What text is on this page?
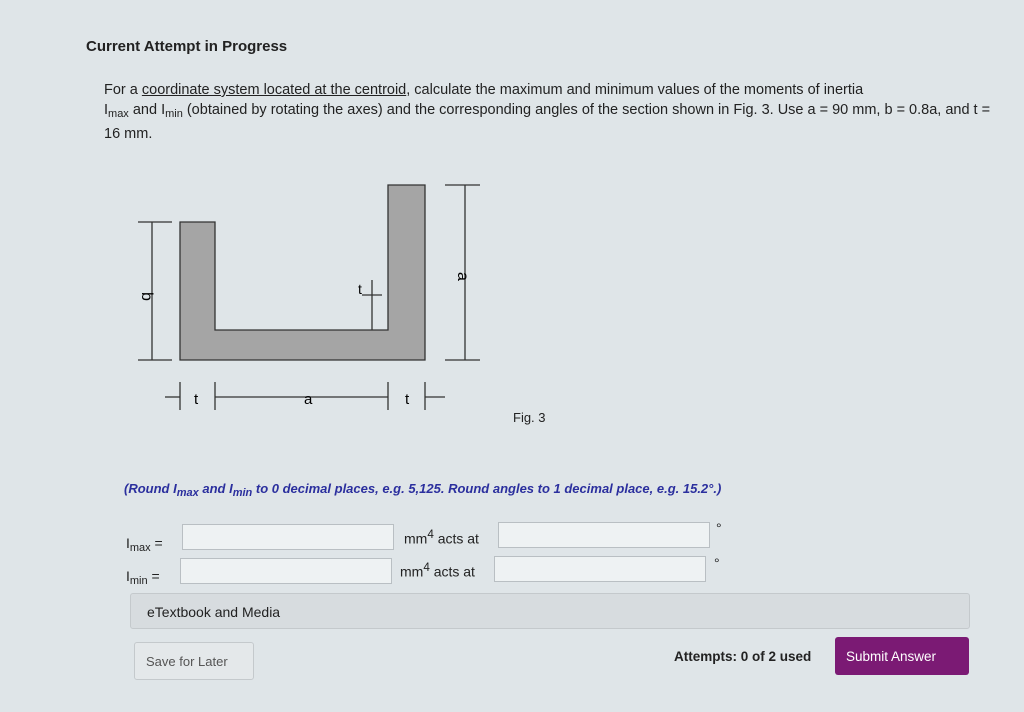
Current Attempt in Progress
For a coordinate system located at the centroid, calculate the maximum and minimum values of the moments of inertia
$I_{max}$ and $I_{min}$ (obtained by rotating the axes) and the corresponding angles of the section shown in Fig. 3. Use a = 90 mm, b = 0.8a, and t = 16 mm.
b
a
t
t	a	t
Fig. 3
(Round $I_{max}$ and $I_{min}$ to 0 decimal places, e.g. 5,125. Round angles to 1 decimal place, e.g. 15.2°.)
$I_{max}$ =	$mm^4$ acts at
°
$I_{min}$ =	$mm^4$ acts at
°
eTextbook and Media
Save for Later	Attempts: 0 of 2 used	Submit Answer
